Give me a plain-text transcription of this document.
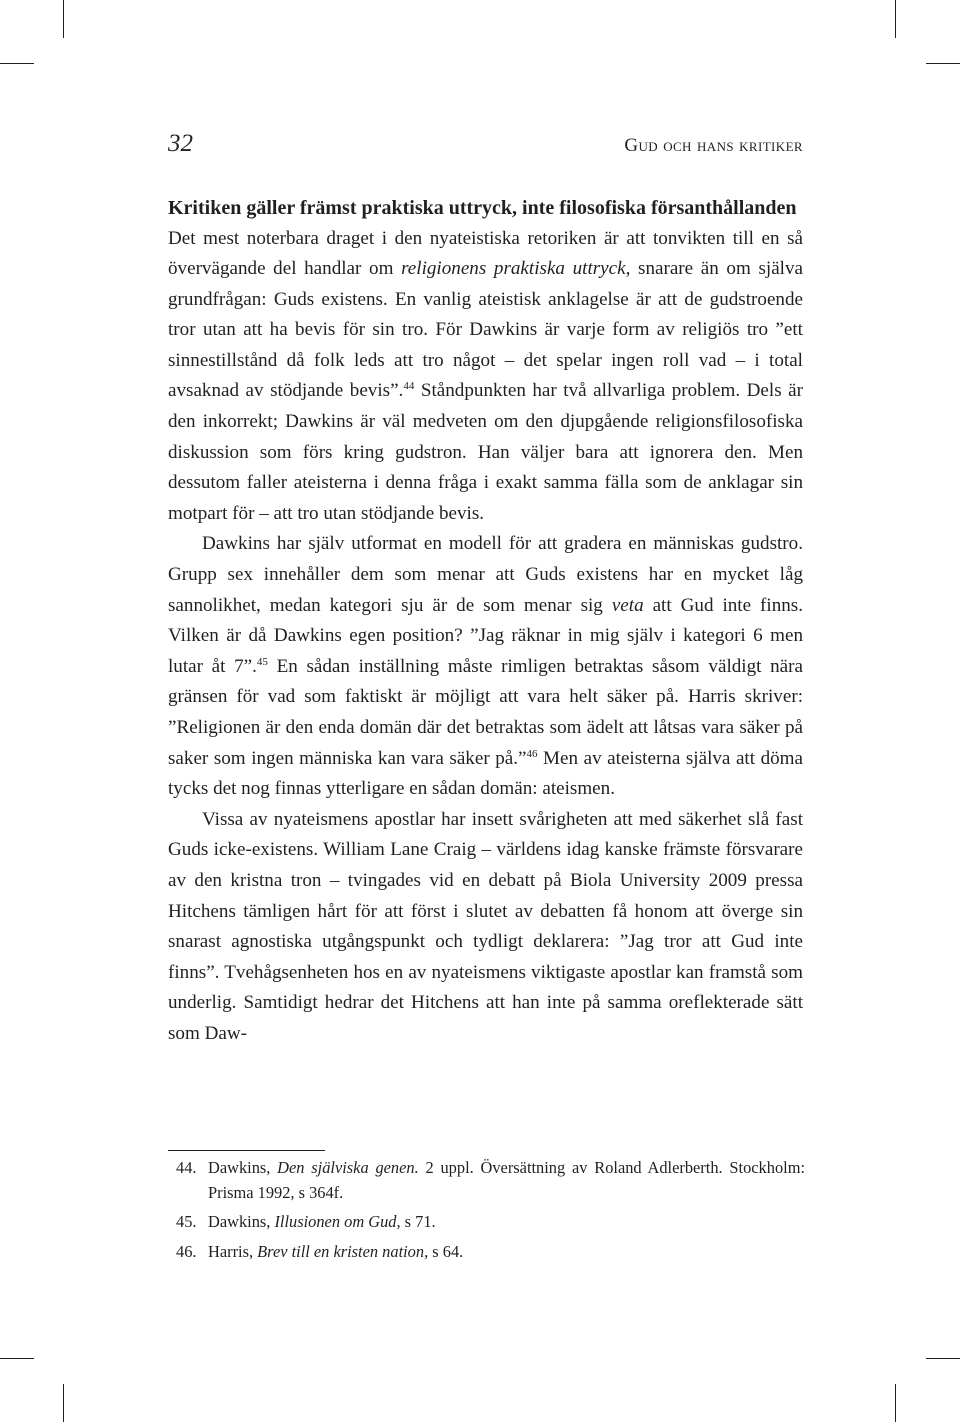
32	Gud och hans kritiker
Kritiken gäller främst praktiska uttryck, inte filosofiska försanthållanden

Det mest noterbara draget i den nyateistiska retoriken är att tonvikten till en så övervägande del handlar om religionens praktiska uttryck, snarare än om själva grundfrågan: Guds existens. En vanlig ateistisk anklagelse är att de gudstroende tror utan att ha bevis för sin tro. För Dawkins är varje form av religiös tro ”ett sinnestillstånd då folk leds att tro något – det spelar ingen roll vad – i total avsaknad av stödjande bevis”.$^{44}$ Ståndpunkten har två allvarliga problem. Dels är den inkorrekt; Dawkins är väl medveten om den djupgående religionsfilosofiska diskussion som förs kring gudstron. Han väljer bara att ignorera den. Men dessutom faller ateisterna i denna fråga i exakt samma fälla som de anklagar sin motpart för – att tro utan stödjande bevis.

Dawkins har själv utformat en modell för att gradera en människas gudstro. Grupp sex innehåller dem som menar att Guds existens har en mycket låg sannolikhet, medan kategori sju är de som menar sig veta att Gud inte finns. Vilken är då Dawkins egen position? ”Jag räknar in mig själv i kategori 6 men lutar åt 7”.$^{45}$ En sådan inställning måste rimligen betraktas såsom väldigt nära gränsen för vad som faktiskt är möjligt att vara helt säker på. Harris skriver: ”Religionen är den enda domän där det betraktas som ädelt att låtsas vara säker på saker som ingen människa kan vara säker på.”$^{46}$ Men av ateisterna själva att döma tycks det nog finnas ytterligare en sådan domän: ateismen.

Vissa av nyateismens apostlar har insett svårigheten att med säkerhet slå fast Guds icke-existens. William Lane Craig – världens idag kanske främste försvarare av den kristna tron – tvingades vid en debatt på Biola University 2009 pressa Hitchens tämligen hårt för att först i slutet av debatten få honom att överge sin snarast agnostiska utgångspunkt och tydligt deklarera: ”Jag tror att Gud inte finns”. Tvehågsenheten hos en av nyateismens viktigaste apostlar kan framstå som underlig. Samtidigt hedrar det Hitchens att han inte på samma oreflekterade sätt som Daw-

44. Dawkins, Den själviska genen. 2 uppl. Översättning av Roland Adlerberth. Stockholm: Prisma 1992, s 364f.

45. Dawkins, Illusionen om Gud, s 71.

46. Harris, Brev till en kristen nation, s 64.
